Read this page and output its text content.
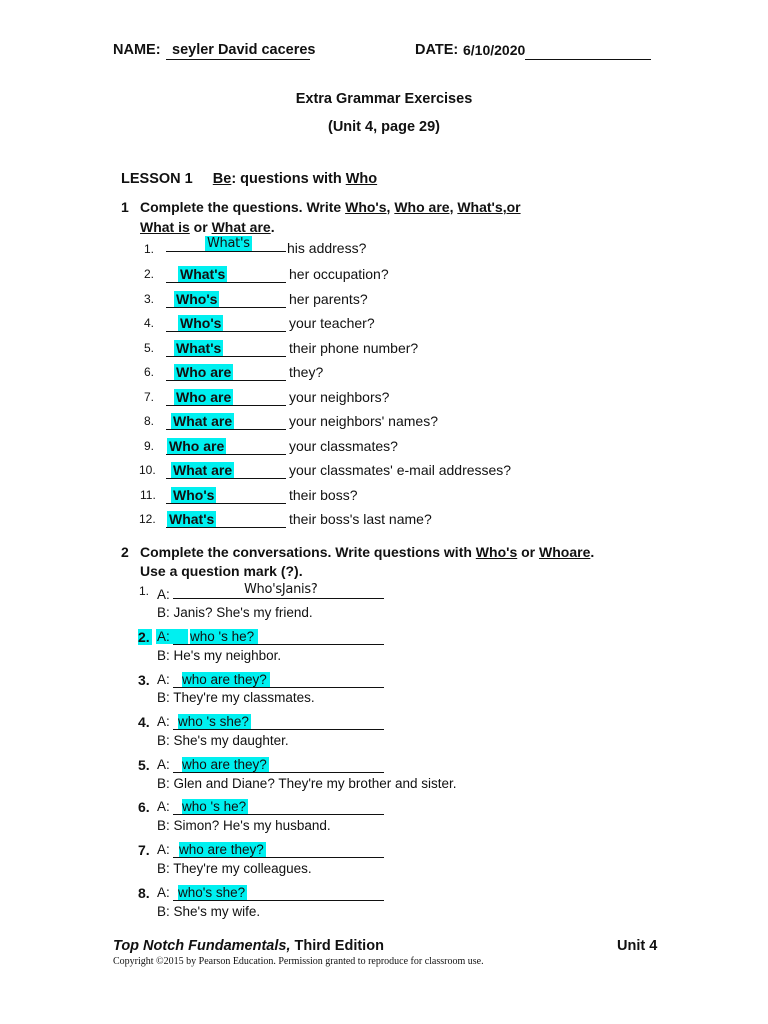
NAME: seyler David caceres	DATE: 6/10/2020
Extra Grammar Exercises
(Unit 4, page 29)
LESSON 1 Be: questions with Who
1 Complete the questions. Write Who's, Who are, What's,or
What is or What are.
1.	What's	his address?
2. What's	her occupation?
3. Who's	her parents?
4. Who's	your teacher?
5. What's	their phone number?
6. Who are	they?
7. Who are	your neighbors?
8. What are	your neighbors' names?
9. Who are	your classmates?
10. What are	your classmates' e-mail addresses?
11. Who's	their boss?
12. What's	their boss's last name?
2 Complete the conversations. Write questions with Who's or Whoare.
Use a question mark (?).
1. A:	Who'sJanis?
B: Janis? She's my friend.
2. A:	who 's he?
B: He's my neighbor.
3. A: who are they?
B: They're my classmates.
4. A: who 's she?
B: She's my daughter.
5. A: who are they?
B: Glen and Diane? They're my brother and sister.
6. A: who 's he?
B: Simon? He's my husband.
7. A: who are they?
B: They're my colleagues.
8. A: who's she?
B: She's my wife.
Top Notch Fundamentals, Third Edition	Unit 4
Copyright ©2015 by Pearson Education. Permission granted to reproduce for classroom use.
